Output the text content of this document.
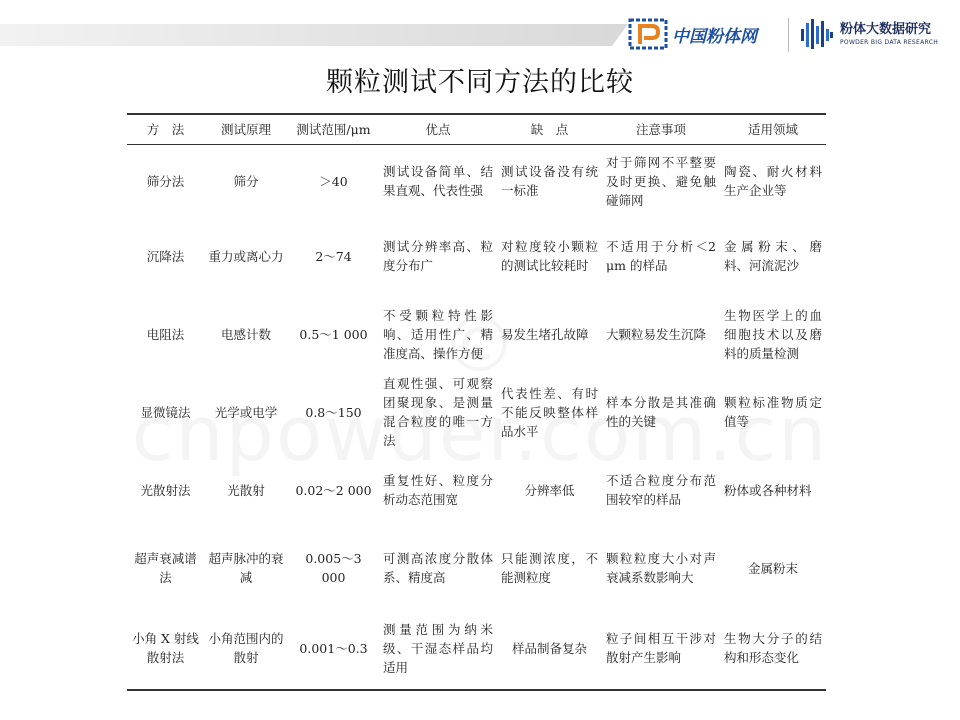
中国粉体网	粉体大数据研究
POWDER BIG DATA RESEARCH
颗粒测试不同方法的比较
方　法	测试原理	测试范围/μm	优点	缺　点	注意事项	适用领域
筛分法	筛分	＞40	测试设备简单、结果直观、代表性强	测试设备没有统一标准	对于筛网不平整要及时更换、避免触碰筛网	陶瓷、耐火材料生产企业等
沉降法	重力或离心力	2～74	测试分辨率高、粒度分布广	对粒度较小颗粒的测试比较耗时	不适用于分析＜2 μm 的样品	金属粉末、磨料、河流泥沙
电阻法	电感计数	0.5～1 000	不受颗粒特性影响、适用性广、精准度高、操作方便	易发生堵孔故障	大颗粒易发生沉降	生物医学上的血细胞技术以及磨料的质量检测
显微镜法	光学或电学	0.8～150	直观性强、可观察团聚现象、是测量混合粒度的唯一方法	代表性差、有时不能反映整体样品水平	样本分散是其准确性的关键	颗粒标准物质定值等
光散射法	光散射	0.02～2 000	重复性好、粒度分析动态范围宽	分辨率低	不适合粒度分布范围较窄的样品	粉体或各种材料
超声衰减谱法	超声脉冲的衰减	0.005～3 000	可测高浓度分散体系、精度高	只能测浓度，不能测粒度	颗粒粒度大小对声衰减系数影响大	金属粉末
小角 X 射线散射法	小角范围内的散射	0.001～0.3	测量范围为纳米级、干湿态样品均适用	样品制备复杂	粒子间相互干涉对散射产生影响	生物大分子的结构和形态变化
